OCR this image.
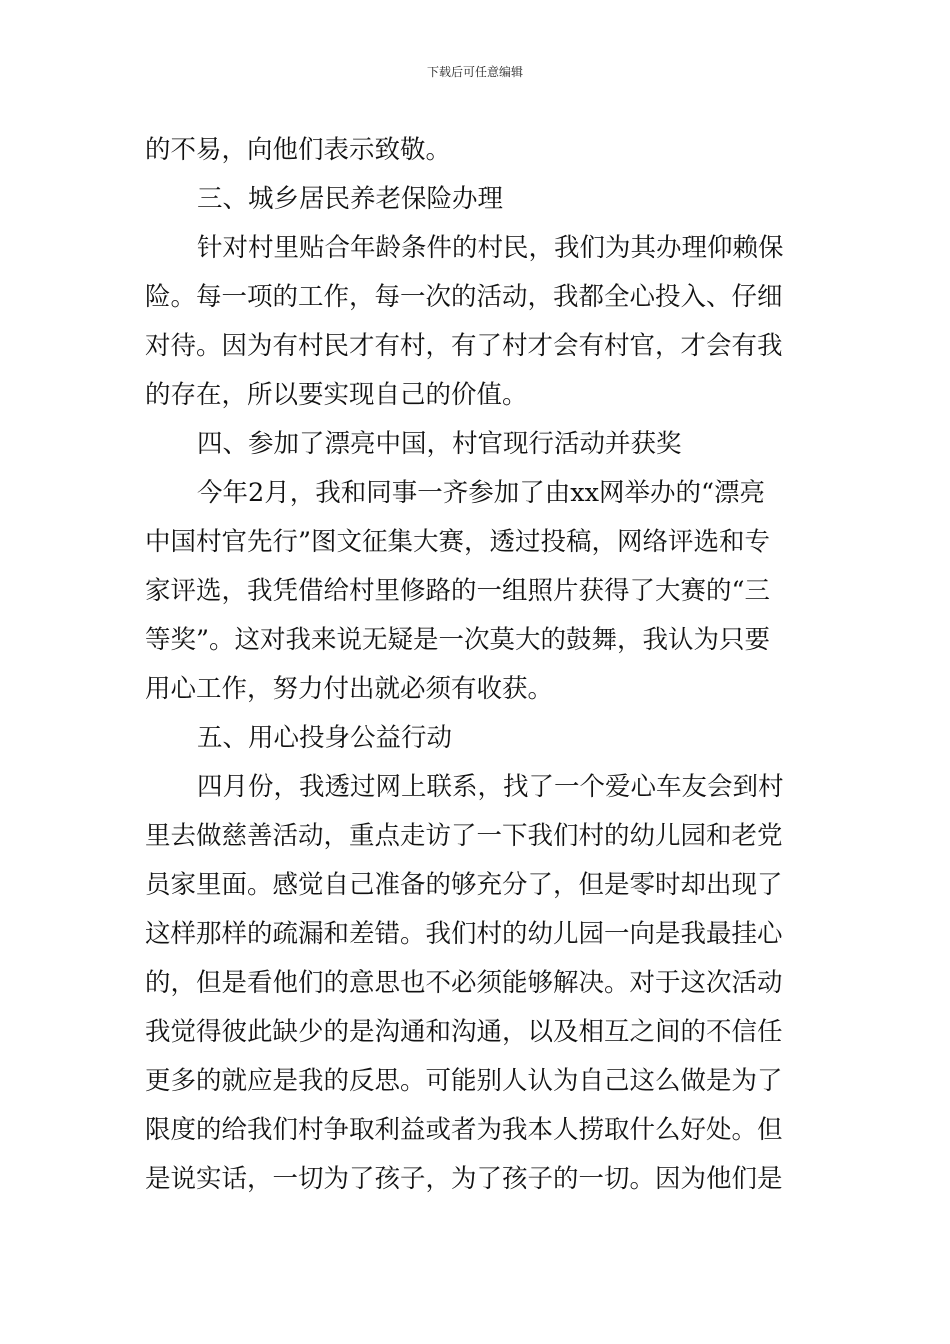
下载后可任意编辑
的不易，向他们表示致敬。
三、城乡居民养老保险办理
针对村里贴合年龄条件的村民，我们为其办理仰赖保
险。每一项的工作，每一次的活动，我都全心投入、仔细
对待。因为有村民才有村，有了村才会有村官，才会有我
的存在，所以要实现自己的价值。
四、参加了漂亮中国，村官现行活动并获奖
今年2月，我和同事一齐参加了由xx网举办的“漂亮
中国村官先行”图文征集大赛，透过投稿，网络评选和专
家评选，我凭借给村里修路的一组照片获得了大赛的“三
等奖”。这对我来说无疑是一次莫大的鼓舞，我认为只要
用心工作，努力付出就必须有收获。
五、用心投身公益行动
四月份，我透过网上联系，找了一个爱心车友会到村
里去做慈善活动，重点走访了一下我们村的幼儿园和老党
员家里面。感觉自己准备的够充分了，但是零时却出现了
这样那样的疏漏和差错。我们村的幼儿园一向是我最挂心
的，但是看他们的意思也不必须能够解决。对于这次活动
我觉得彼此缺少的是沟通和沟通，以及相互之间的不信任
更多的就应是我的反思。可能别人认为自己这么做是为了
限度的给我们村争取利益或者为我本人捞取什么好处。但
是说实话，一切为了孩子，为了孩子的一切。因为他们是
